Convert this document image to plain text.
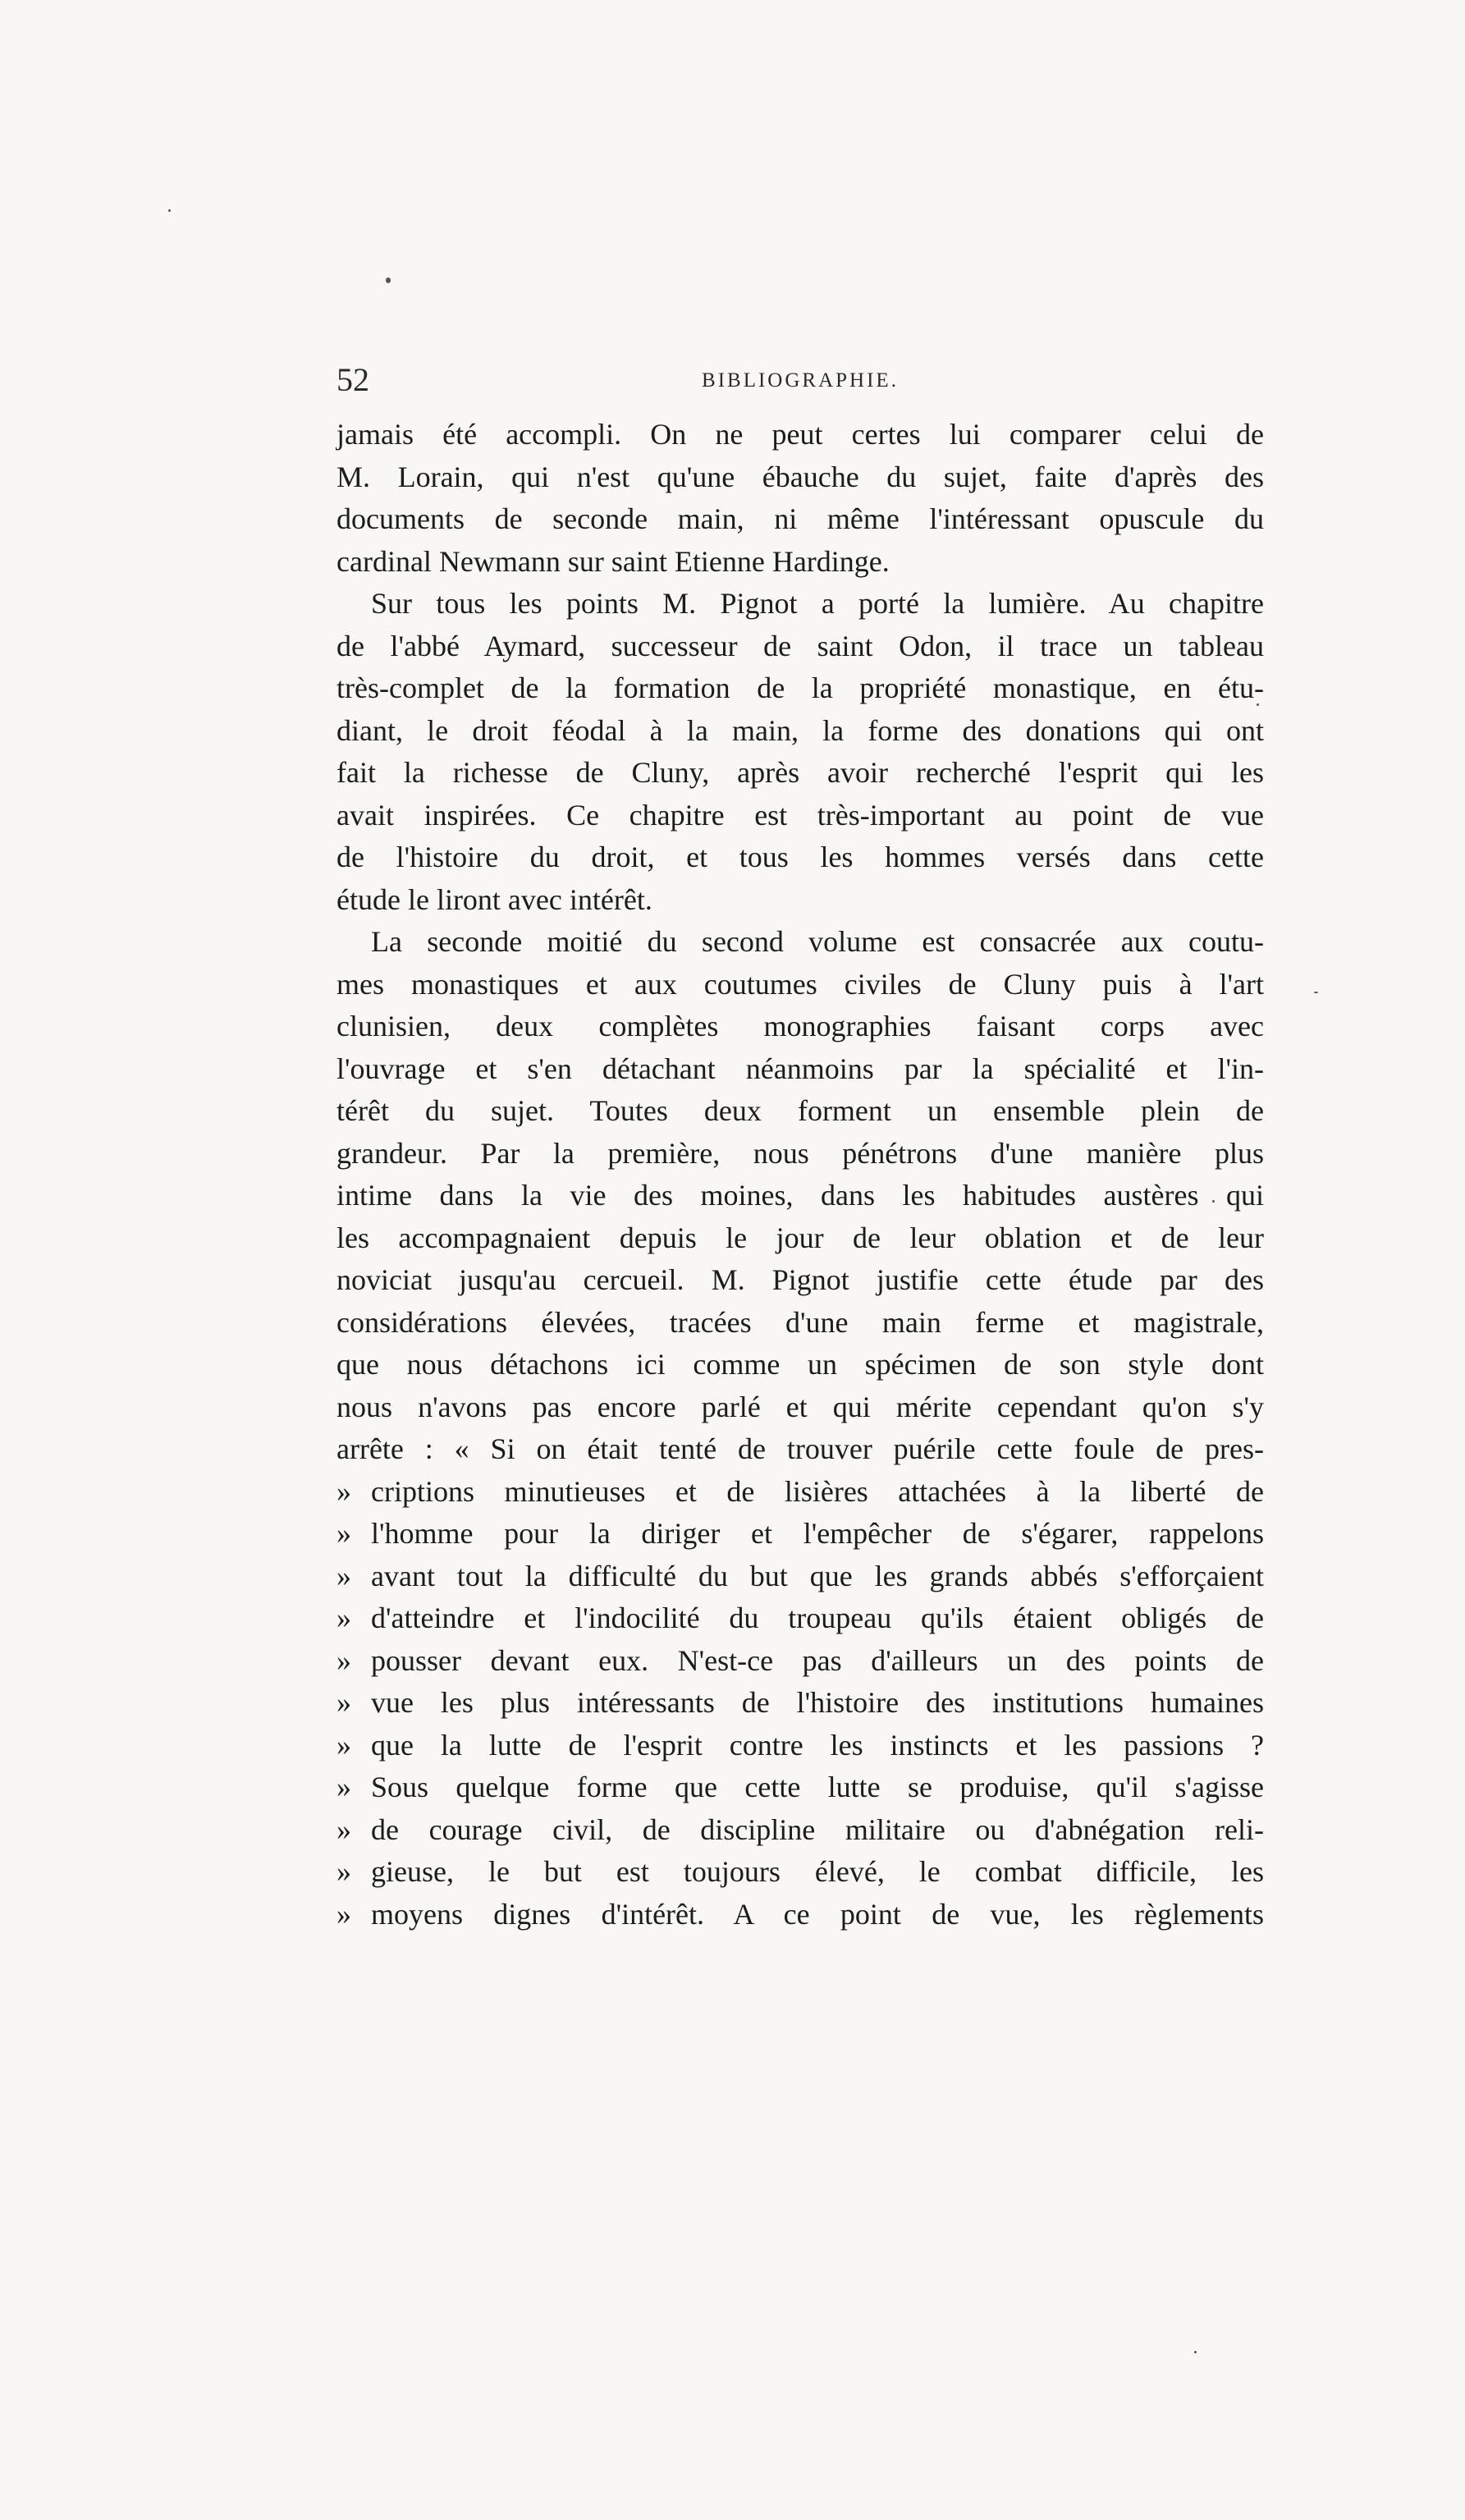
52	BIBLIOGRAPHIE.
jamais été accompli. On ne peut certes lui comparer celui de
M. Lorain, qui n'est qu'une ébauche du sujet, faite d'après des
documents de seconde main, ni même l'intéressant opuscule du
cardinal Newmann sur saint Etienne Hardinge.
Sur tous les points M. Pignot a porté la lumière. Au chapitre
de l'abbé Aymard, successeur de saint Odon, il trace un tableau
très-complet de la formation de la propriété monastique, en étu-
diant, le droit féodal à la main, la forme des donations qui ont
fait la richesse de Cluny, après avoir recherché l'esprit qui les
avait inspirées. Ce chapitre est très-important au point de vue
de l'histoire du droit, et tous les hommes versés dans cette
étude le liront avec intérêt.
La seconde moitié du second volume est consacrée aux coutu-
mes monastiques et aux coutumes civiles de Cluny puis à l'art
clunisien, deux complètes monographies faisant corps avec
l'ouvrage et s'en détachant néanmoins par la spécialité et l'in-
térêt du sujet. Toutes deux forment un ensemble plein de
grandeur. Par la première, nous pénétrons d'une manière plus
intime dans la vie des moines, dans les habitudes austères qui
les accompagnaient depuis le jour de leur oblation et de leur
noviciat jusqu'au cercueil. M. Pignot justifie cette étude par des
considérations élevées, tracées d'une main ferme et magistrale,
que nous détachons ici comme un spécimen de son style dont
nous n'avons pas encore parlé et qui mérite cependant qu'on s'y
arrête : « Si on était tenté de trouver puérile cette foule de pres-
» criptions minutieuses et de lisières attachées à la liberté de
» l'homme pour la diriger et l'empêcher de s'égarer, rappelons
» avant tout la difficulté du but que les grands abbés s'efforçaient
» d'atteindre et l'indocilité du troupeau qu'ils étaient obligés de
» pousser devant eux. N'est-ce pas d'ailleurs un des points de
» vue les plus intéressants de l'histoire des institutions humaines
» que la lutte de l'esprit contre les instincts et les passions ?
» Sous quelque forme que cette lutte se produise, qu'il s'agisse
» de courage civil, de discipline militaire ou d'abnégation reli-
» gieuse, le but est toujours élevé, le combat difficile, les
» moyens dignes d'intérêt. A ce point de vue, les règlements
